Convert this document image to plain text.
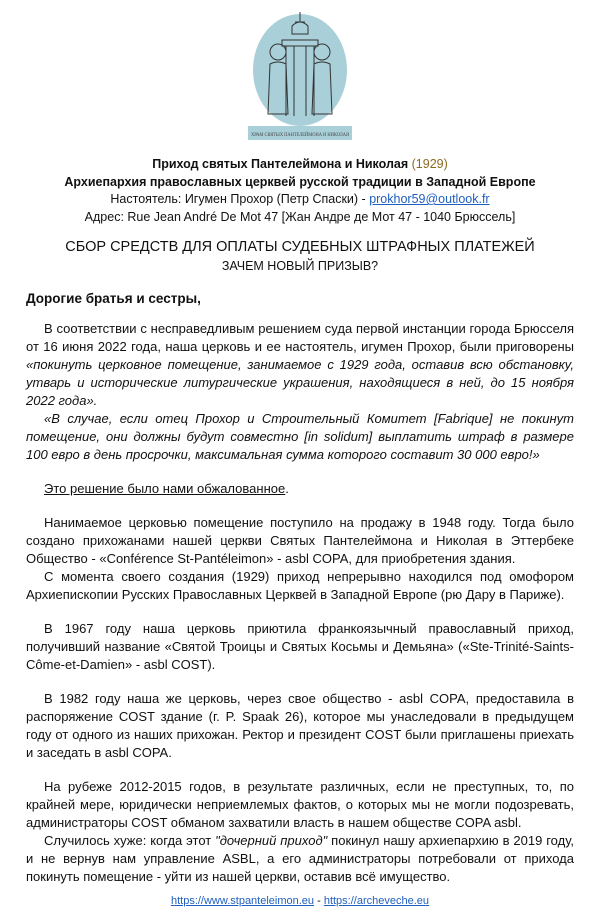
ХРАМ СВЯТЫХ ПАНТЕЛЕЙМОНА И НИКОЛАЯ
Приход святых Пантелеймона и Николая (1929)
Архиепархия православных церквей русской традиции в Западной Европе
Настоятель: Игумен Прохор (Петр Спаски) - prokhor59@outlook.fr
Адрес: Rue Jean André De Mot 47 [Жан Андре де Мот 47 - 1040 Брюссель]
СБОР СРЕДСТВ ДЛЯ ОПЛАТЫ СУДЕБНЫХ ШТРАФНЫХ ПЛАТЕЖЕЙ
ЗАЧЕМ НОВЫЙ ПРИЗЫВ?
Дорогие братья и сестры,

В соответствии с несправедливым решением суда первой инстанции города Брюсселя от 16 июня 2022 года, наша церковь и ее настоятель, игумен Прохор, были приговорены «покинуть церковное помещение, занимаемое с 1929 года, оставив всю обстановку, утварь и исторические литургические украшения, находящиеся в ней, до 15 ноября 2022 года».

«В случае, если отец Прохор и Строительный Комитет [Fabrique] не покинут помещение, они должны будут совместно [in solidum] выплатить штраф в размере 100 евро в день просрочки, максимальная сумма которого составит 30 000 евро!»

Это решение было нами обжалованное.

Нанимаемое церковью помещение поступило на продажу в 1948 году. Тогда было создано прихожанами нашей церкви Святых Пантелеймона и Николая в Эттербеке Общество - «Conférence St-Pantéleimon» - asbl COPA, для приобретения здания.

С момента своего создания (1929) приход непрерывно находился под омофором Архиепископии Русских Православных Церквей в Западной Европе (рю Дару в Париже).

В 1967 году наша церковь приютила франкоязычный православный приход, получивший название «Святой Троицы и Святых Косьмы и Демьяна» («Ste-Trinité-Saints-Côme-et-Damien» - asbl COST).

В 1982 году наша же церковь, через свое общество - asbl COPA, предоставила в распоряжение COST здание (г. P. Spaak 26), которое мы унаследовали в предыдущем году от одного из наших прихожан. Ректор и президент COST были приглашены приехать и заседать в asbl COPA.

На рубеже 2012-2015 годов, в результате различных, если не преступных, то, по крайней мере, юридически неприемлемых фактов, о которых мы не могли подозревать, администраторы COST обманом захватили власть в нашем обществе COPA asbl.

Случилось хуже: когда этот "дочерний приход" покинул нашу архиепархию в 2019 году, и не вернув нам управление ASBL, а его администраторы потребовали от прихода покинуть помещение - уйти из нашей церкви, оставив всё имущество.

https://www.stpanteleimon.eu - https://archeveche.eu
